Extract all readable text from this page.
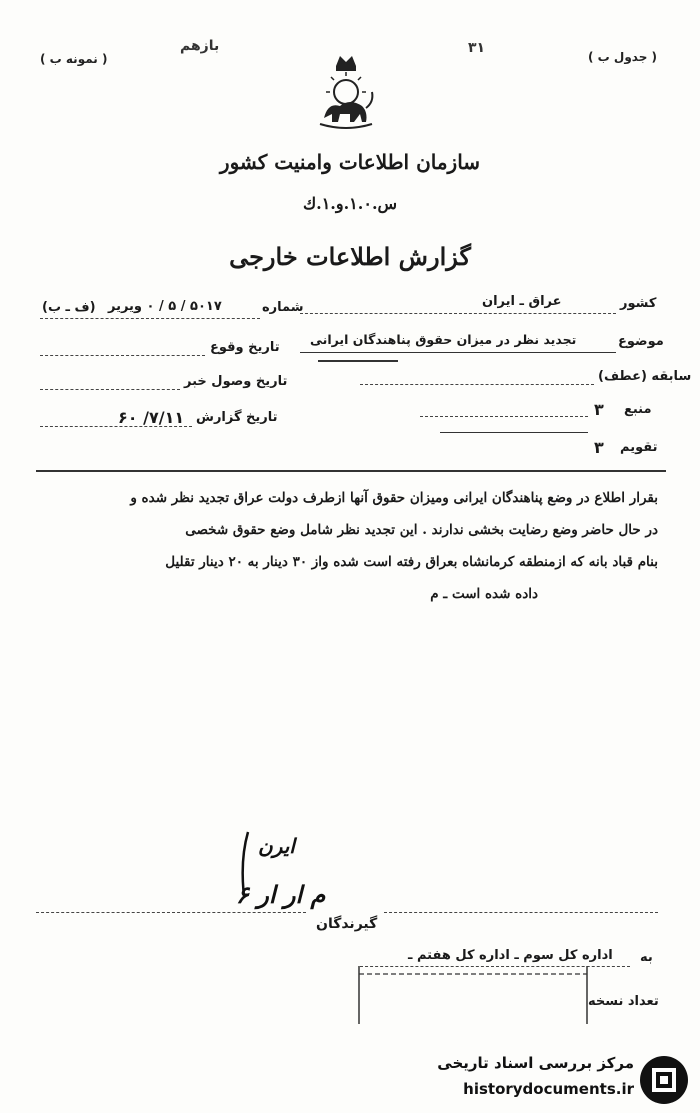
( نمونه ب )	( جدول ب )
بازهم	۳۱
سازمان اطلاعات وامنیت کشور
س.۱.۰.و.۱.ك
گزارش اطلاعات خارجی
شماره
۵۰۱۷ / ۵ / ۰ ويرير
(ف ـ ب)
تاریخ وقوع
تاریخ وصول خبر
تاریخ گزارش
۷/۱۱/ ۶۰
کشور
عراق ـ ایران
موضوع
تجدید نظر در میزان حقوق پناهندگان ایرانی
سابقه (عطف)
منبع
۳
تقویم
۳
بقرار اطلاع در وضع پناهندگان ایرانی ومیزان حقوق آنها ازطرف دولت عراق تجدید نظر شده و
در حال حاضر وضع رضایت بخشی ندارند . این تجدید نظر شامل وضع حقوق شخصی
بنام قباد بانه که ازمنطقه کرمانشاه بعراق رفته است شده واز ۳۰ دینار به ۲۰ دینار تقلیل
داده شده است ـ م
ایرن
م ار ار ۶
گیرندگان
به
اداره کل سوم ـ اداره کل هفتم ـ
تعداد نسخه
مرکز بررسی اسناد تاریخی
historydocuments.ir
